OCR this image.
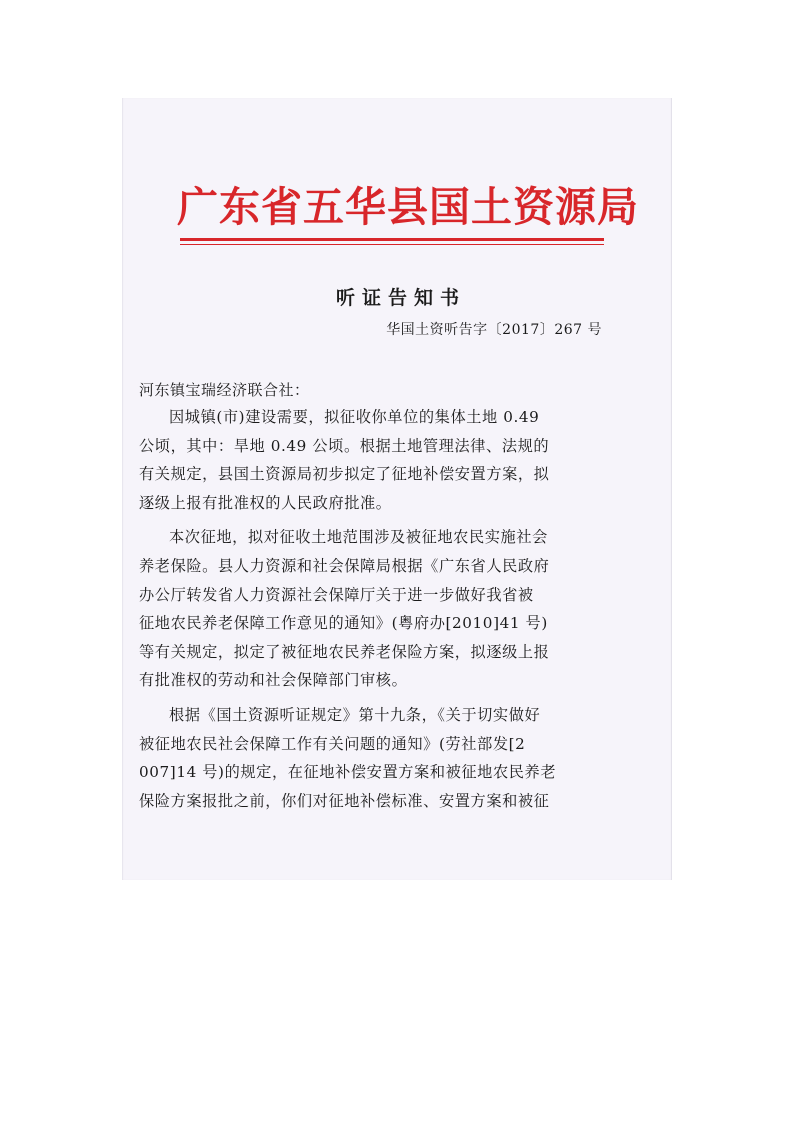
广东省五华县国土资源局
听证告知书
华国土资听告字〔2017〕267 号
河东镇宝瑞经济联合社：
因城镇(市)建设需要，拟征收你单位的集体土地 0.49
公顷，其中：旱地 0.49 公顷。根据土地管理法律、法规的
有关规定，县国土资源局初步拟定了征地补偿安置方案，拟
逐级上报有批准权的人民政府批准。
本次征地，拟对征收土地范围涉及被征地农民实施社会
养老保险。县人力资源和社会保障局根据《广东省人民政府
办公厅转发省人力资源社会保障厅关于进一步做好我省被
征地农民养老保障工作意见的通知》(粤府办[2010]41 号)
等有关规定，拟定了被征地农民养老保险方案，拟逐级上报
有批准权的劳动和社会保障部门审核。
根据《国土资源听证规定》第十九条，《关于切实做好
被征地农民社会保障工作有关问题的通知》(劳社部发[2
007]14 号)的规定，在征地补偿安置方案和被征地农民养老
保险方案报批之前，你们对征地补偿标准、安置方案和被征
